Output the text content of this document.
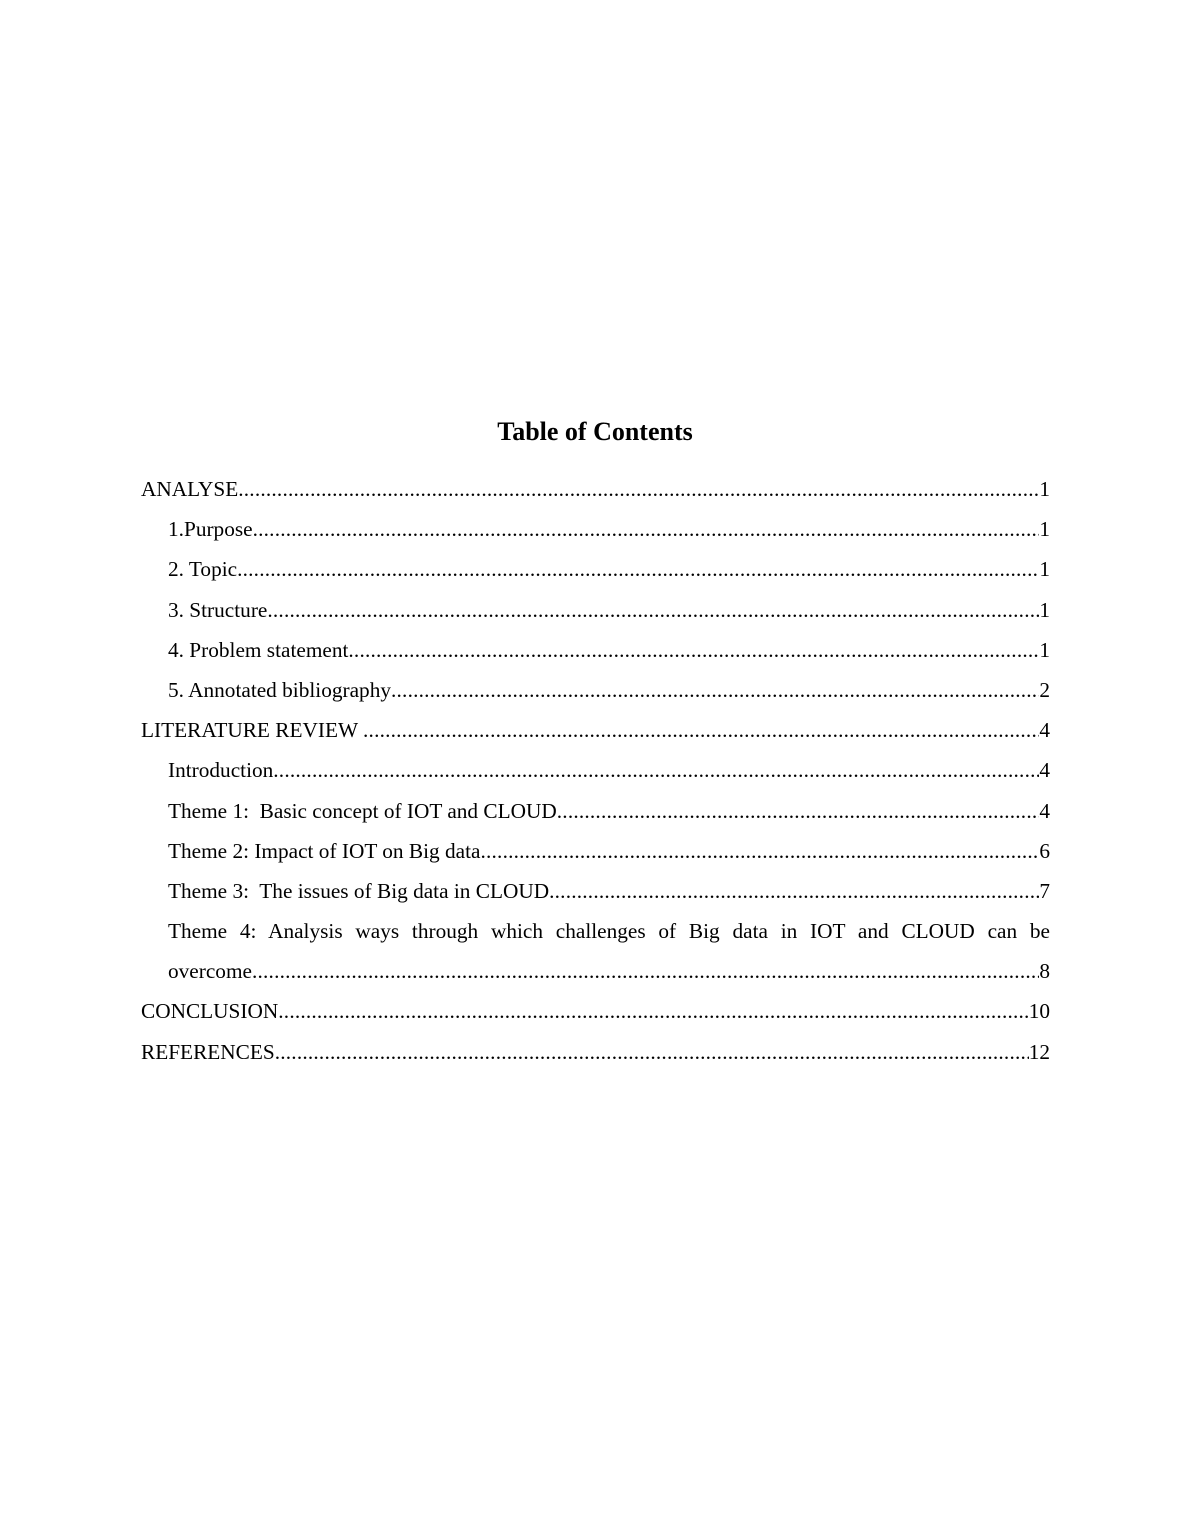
Table of Contents
ANALYSE .....	1
1.Purpose .....	1
2. Topic .....	1
3. Structure .....	1
4. Problem statement .....	1
5. Annotated bibliography .....	2
LITERATURE REVIEW .....	4
Introduction .....	4
Theme 1:  Basic concept of IOT and CLOUD .....	4
Theme 2: Impact of IOT on Big data .....	6
Theme 3:  The issues of Big data in CLOUD .....	7
Theme 4: Analysis ways through which challenges of Big data in IOT and CLOUD can be
overcome .....	8
CONCLUSION .....	10
REFERENCES .....	12
